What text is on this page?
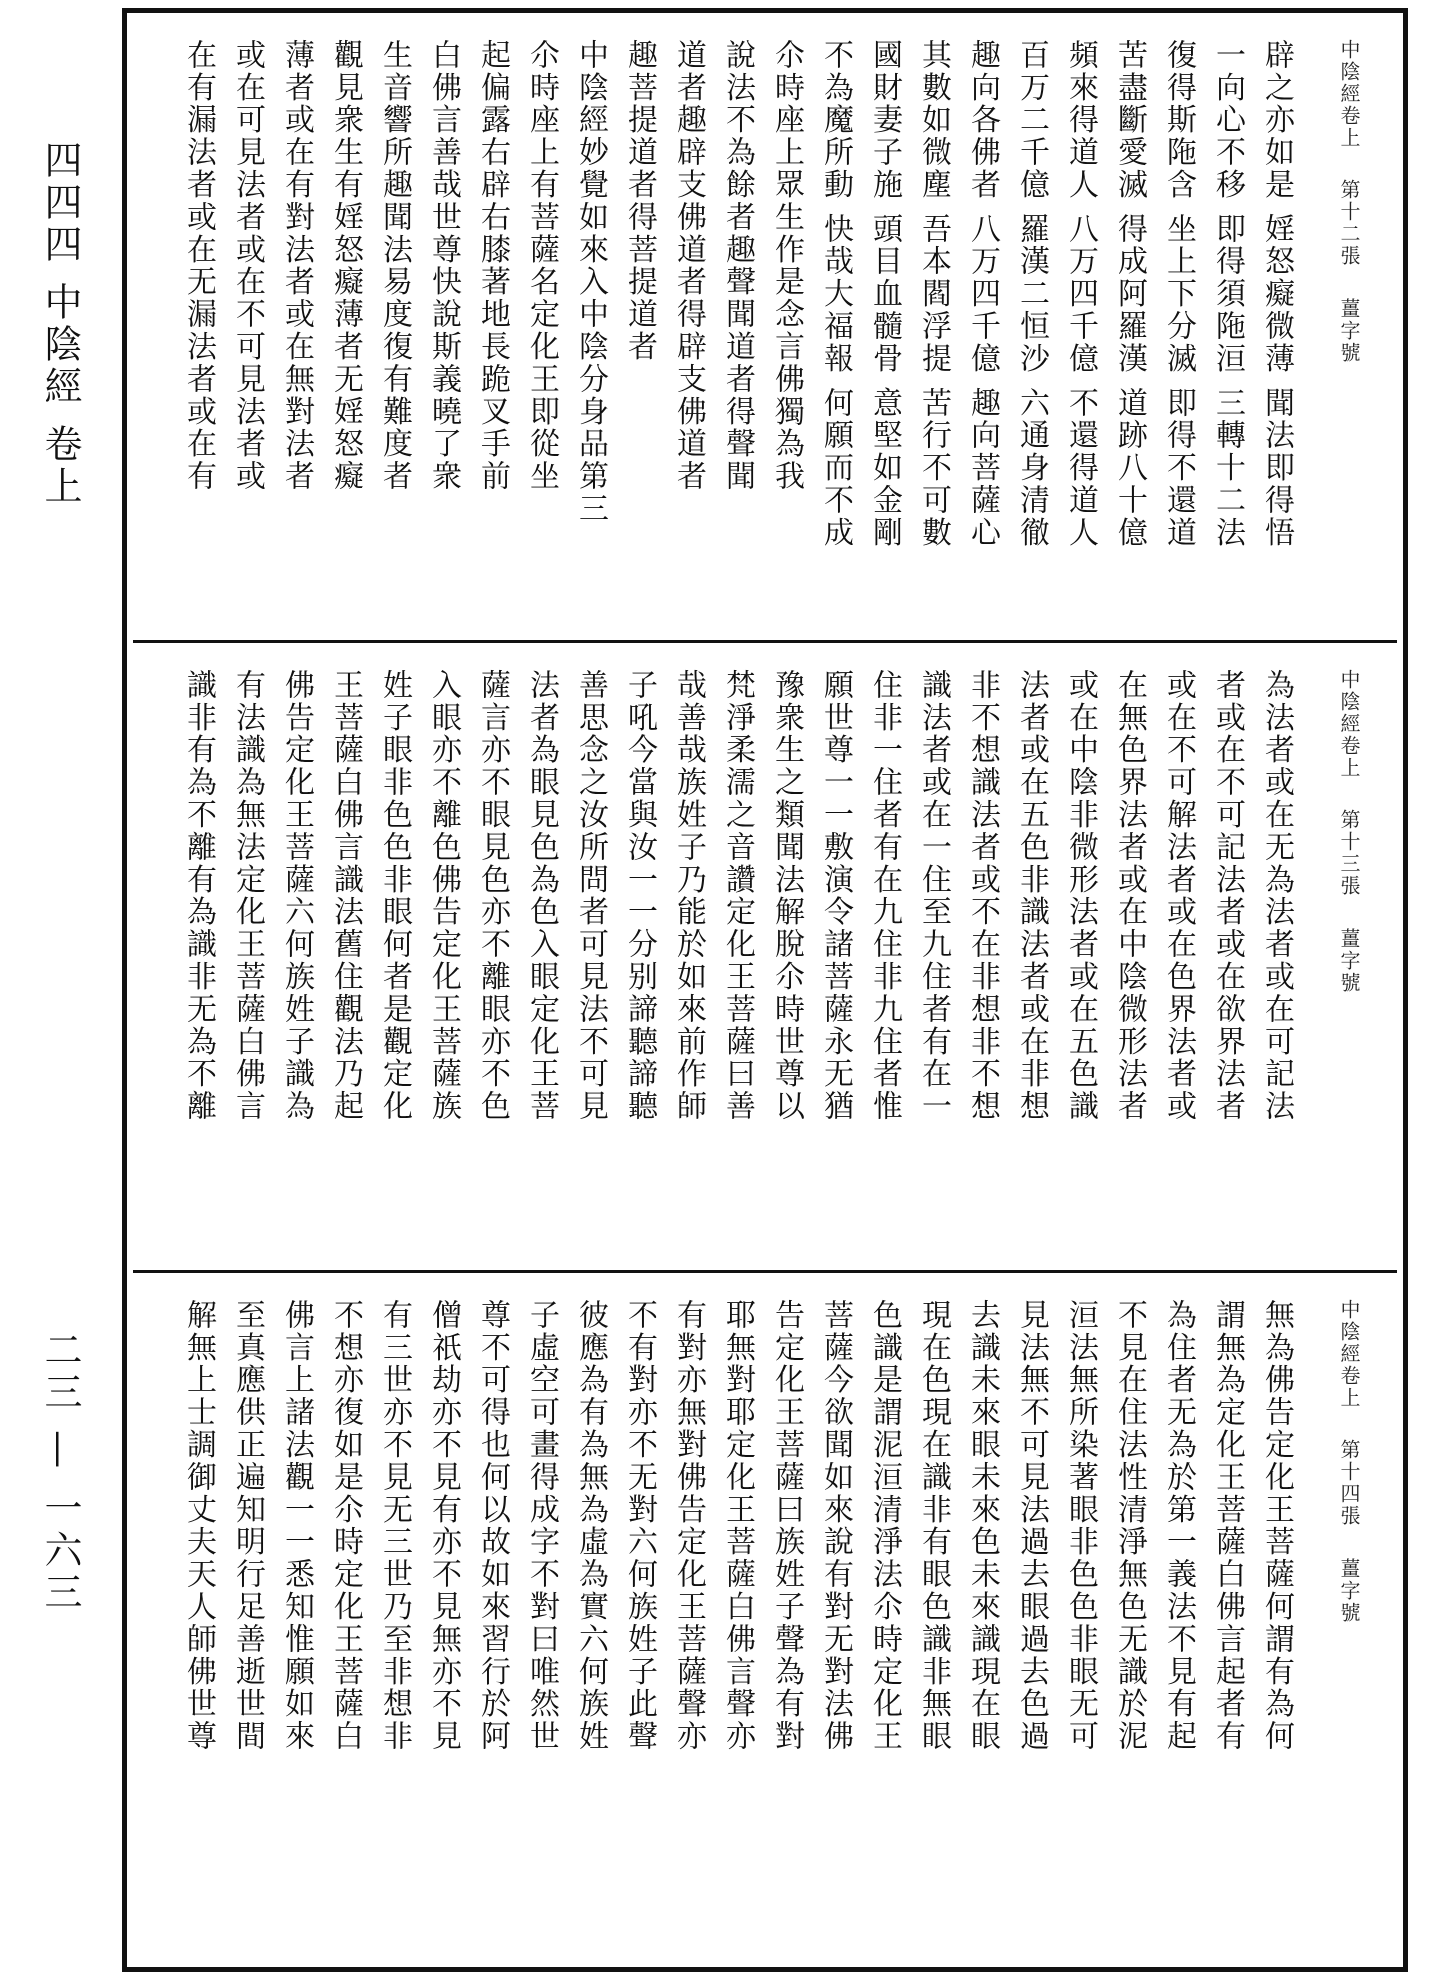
四四四 中陰經 卷上
二三 — 一六三
中陰經卷上 第十二張 薑字號
辟之亦如是 婬怒癡微薄 聞法即得悟
一向心不移 即得須陁洹 三轉十二法
復得斯陁含 坐上下分滅 即得不還道
苦盡斷愛滅 得成阿羅漢 道跡八十億
頻來得道人 八万四千億 不還得道人
百万二千億 羅漢二恒沙 六通身清徹
趣向各佛者 八万四千億 趣向菩薩心
其數如微塵 吾本閻浮提 苦行不可數
國財妻子施 頭目血髓骨 意堅如金剛
不為魔所動 快哉大福報 何願而不成
尒時座上眾生作是念言佛獨為我
說法不為餘者趣聲聞道者得聲聞
道者趣辟支佛道者得辟支佛道者
趣菩提道者得菩提道者
中陰經妙覺如來入中陰分身品第三
尒時座上有菩薩名定化王即從坐
起偏露右辟右膝著地長跪叉手前
白佛言善哉世尊快說斯義曉了衆
生音響所趣聞法易度復有難度者
觀見衆生有婬怒癡薄者无婬怒癡
薄者或在有對法者或在無對法者
或在可見法者或在不可見法者或
在有漏法者或在无漏法者或在有
中陰經卷上 第十三張 薑字號
為法者或在无為法者或在可記法
者或在不可記法者或在欲界法者
或在不可解法者或在色界法者或
在無色界法者或在中陰微形法者
或在中陰非微形法者或在五色識
法者或在五色非識法者或在非想
非不想識法者或不在非想非不想
識法者或在一住至九住者有在一
住非一住者有在九住非九住者惟
願世尊一一敷演令諸菩薩永无猶
豫衆生之類聞法解脫尒時世尊以
梵淨柔濡之音讚定化王菩薩曰善
哉善哉族姓子乃能於如來前作師
子吼今當與汝一一分别諦聽諦聽
善思念之汝所問者可見法不可見
法者為眼見色為色入眼定化王菩
薩言亦不眼見色亦不離眼亦不色
入眼亦不離色佛告定化王菩薩族
姓子眼非色色非眼何者是觀定化
王菩薩白佛言識法舊住觀法乃起
佛告定化王菩薩六何族姓子識為
有法識為無法定化王菩薩白佛言
識非有為不離有為識非无為不離
中陰經卷上 第十四張 薑字號
無為佛告定化王菩薩何謂有為何
謂無為定化王菩薩白佛言起者有
為住者无為於第一義法不見有起
不見在住法性清淨無色无識於泥
洹法無所染著眼非色色非眼无可
見法無不可見法過去眼過去色過
去識未來眼未來色未來識現在眼
現在色現在識非有眼色識非無眼
色識是謂泥洹清淨法尒時定化王
菩薩今欲聞如來說有對无對法佛
告定化王菩薩曰族姓子聲為有對
耶無對耶定化王菩薩白佛言聲亦
有對亦無對佛告定化王菩薩聲亦
不有對亦不无對六何族姓子此聲
彼應為有為無為虛為實六何族姓
子虛空可畫得成字不對曰唯然世
尊不可得也何以故如來習行於阿
僧祇劫亦不見有亦不見無亦不見
有三世亦不見无三世乃至非想非
不想亦復如是尒時定化王菩薩白
佛言上諸法觀一一悉知惟願如來
至真應供正遍知明行足善逝世間
解無上士調御丈夫天人師佛世尊
